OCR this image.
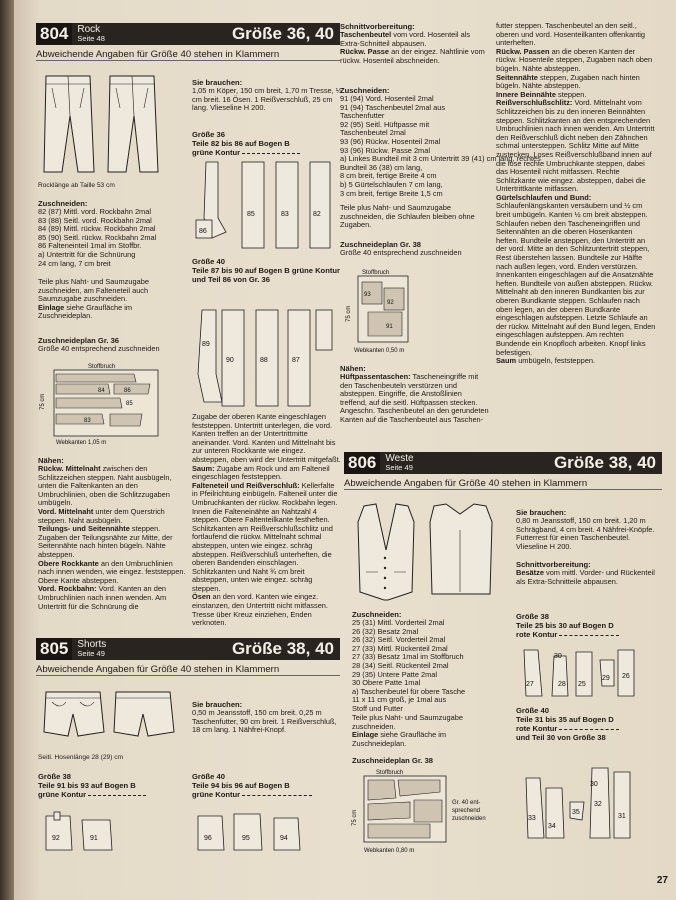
804 Rock
Seite 48	Größe 36, 40
Abweichende Angaben für Größe 40 stehen in Klammern
Rocklänge ab Taille 53 cm
Zuschneiden:
82 (87) Mittl. vord. Rockbahn 2mal
83 (88) Seitl. vord. Rockbahn 2mal
84 (89) Mittl. rückw. Rockbahn 2mal
85 (90) Seitl. rückw. Rockbahn 2mal
86 Falteneinteil 1mal im Stoffbr.
a) Untertritt für die Schnürung
24 cm lang, 7 cm breit
Teile plus Naht- und Saumzugabe zuschneiden, am Falteneteil auch Saumzugabe zuschneiden.
Einlage siehe Graufläche im Zuschneideplan.
Zuschneideplan Gr. 36
Größe 40 entsprechend zuschneiden
Stoffbruch
86
84
85
83
75 cm
Webkanten 1,05 m
Nähen:
Rückw. Mittelnaht zwischen den Schlitzzeichen steppen. Naht ausbügeln, unten die Faltenkanten an den Umbruchlinien, oben die Schlitzzugaben umbügeln.
Vord. Mittelnaht unter dem Querstrich steppen. Naht ausbügeln.
Teilungs- und Seitennähte steppen. Zugaben der Teilungsnähte zur Mitte, der Seitennähte nach hinten bügeln. Nähte absteppen.
Obere Rockkante an den Umbruchlinien nach innen wenden, wie eingez. feststeppen. Obere Kante absteppen.
Vord. Rockbahn: Vord. Kanten an den Umbruchlinien nach innen wenden. Am Untertritt für die Schnürung die
Sie brauchen:
1,05 m Köper, 150 cm breit, 1,70 m Tresse, ½ cm breit. 16 Ösen. 1 Reißverschluß, 25 cm lang. Vlieseline H 200.
Größe 36
Teile 82 bis 86 auf Bogen B
grüne Kontur
86
85	83	82
Größe 40
Teile 87 bis 90 auf Bogen B grüne Kontur
und Teil 86 von Gr. 36
89
90	88	87
Zugabe der oberen Kante eingeschlagen feststeppen. Untertritt unterlegen, die vord. Kanten treffen an der Untertrittmitte aneinander. Vord. Kanten und Mittelnaht bis zur unteren Rockkante wie eingez. absteppen, oben wird der Untertritt mitgefaßt.
Saum: Zugabe am Rock und am Falteneil eingeschlagen feststeppen.
Falteneteil und Reißverschluß: Kellerfalte in Pfeilrichtung einbügeln. Falteneil unter die Umbruchkanten der rückw. Rockbahn legen. Innen die Falteneinähte an Nahtzahl 4 steppen. Obere Faltenteilkante festheften. Schlitzkanten am Reißverschlußschlitz und fortlaufend die rückw. Mittelnaht schmal absteppen, unten wie eingez. schräg absteppen. Reißverschluß unterheften, die oberen Bandenden einschlagen. Schlitzkanten und Naht ¾ cm breit absteppen, unten wie eingez. schräg steppen.
Ösen an den vord. Kanten wie eingez. einstanzen, den Untertritt nicht mitfassen. Tresse über Kreuz einziehen, Enden verknoten.
805 Shorts
Seite 49	Größe 38, 40
Abweichende Angaben für Größe 40 stehen in Klammern
Seitl. Hosenlänge 28 (29) cm
Größe 38
Teile 91 bis 93 auf Bogen B
grüne Kontur
92	91
Sie brauchen:
0,50 m Jeansstoff, 150 cm breit. 0,25 m Taschenfutter, 90 cm breit. 1 Reißverschluß, 18 cm lang. 1 Nähfrei-Knopf.
Größe 40
Teile 94 bis 96 auf Bogen B
grüne Kontur
96	95	94
Schnittvorbereitung:
Taschenbeutel vom vord. Hosenteil als Extra-Schnitteil abpausen.
Rückw. Passe an der eingez. Nahtlinie vom rückw. Hosenteil abschneiden.
Zuschneiden:
91 (94) Vord. Hosenteil 2mal
91 (94) Taschenbeutel 2mal aus
Taschenfutter
92 (95) Seitl. Hüftpasse mit
Taschenbeutel 2mal
93 (96) Rückw. Hosenteil 2mal
93 (96) Rückw. Passe 2mal
a) Linkes Bundteil mit 3 cm Untertritt 39 (41) cm lang, rechtes
Bundteil 36 (38) cm lang,
8 cm breit, fertige Breite 4 cm
b) 5 Gürtelschlaufen 7 cm lang,
3 cm breit, fertige Breite 1,5 cm
Teile plus Naht- und Saumzugabe zuschneiden, die Schlaufen bleiben ohne Zugaben.
Zuschneideplan Gr. 38
Größe 40 entsprechend zuschneiden
Stoffbruch
93
92
91
75 cm
Webkanten 0,50 m
Nähen:
Hüftpassentaschen: Tascheneingriffe mit den Taschenbeuteln verstürzen und absteppen. Eingriffe, die Anstoßlinien treffend, auf die seitl. Hüftpassen stecken. Angeschn. Taschenbeutel an den gerundeten Kanten auf die Taschenbeutel aus Taschen-
futter steppen. Taschenbeutel an den seitl., oberen und vord. Hosenteilkanten offenkantig unterheften.
Rückw. Passen an die oberen Kanten der rückw. Hosenteile steppen, Zugaben nach oben bügeln. Nähte absteppen.
Seitennähte steppen, Zugaben nach hinten bügeln. Nähte absteppen.
Innere Beinnähte steppen.
Reißverschlußschlitz: Vord. Mittelnaht vom Schlitzzeichen bis zu den inneren Beinnähten steppen. Schlitzkanten an den entsprechenden Umbruchlinien nach innen wenden. Am Untertritt den Reißverschluß dicht neben den Zähnchen schmal untersteppen. Schlitz Mitte auf Mitte zustecken. Loses Reißverschlußband innen auf die lose rechte Umbruchkante steppen, dabei das Hosenteil nicht mitfassen. Rechte Schlitzkante wie eingez. absteppen, dabei die Untertrittkante mitfassen.
Gürtelschlaufen und Bund: Schlaufenlängskanten versäubern und ½ cm breit umbügeln. Kanten ½ cm breit absteppen. Schlaufen neben den Tascheneingriffen und Seitennähten an die oberen Hosenkanten heften. Bundteile ansteppen, den Untertritt an der vord. Mitte an den Schlitzuntertritt steppen, Rest überstehen lassen. Bundteile zur Hälfte nach außen legen, vord. Enden verstürzen. Innenkanten eingeschlagen auf die Ansatznähte heften. Bundteile von außen absteppen. Rückw. Mittelnaht ab den inneren Bundkanten bis zur oberen Bundkante steppen. Schlaufen nach oben legen, an der oberen Bundkante eingeschlagen aufsteppen. Letzte Schlaufe an der rückw. Mittelnaht auf den Bund legen, Enden eingeschlagen aufsteppen. Am rechten Bundende ein Knopfloch arbeiten. Knopf links befestigen.
Saum umbügeln, feststeppen.
806 Weste
Seite 49	Größe 38, 40
Abweichende Angaben für Größe 40 stehen in Klammern
Zuschneiden:
25 (31) Mittl. Vorderteil 2mal
26 (32) Besatz 2mal
26 (32) Seitl. Vorderteil 2mal
27 (33) Mittl. Rückenteil 2mal
27 (33) Besatz 1mal im Stoffbruch
28 (34) Seitl. Rückenteil 2mal
29 (35) Untere Patte 2mal
30 Obere Patte 1mal
a) Taschenbeutel für obere Tasche
11 x 11 cm groß, je 1mal aus
Stoff und Futter
Teile plus Naht- und Saumzugabe zuschneiden.
Einlage siehe Graufläche im Zuschneideplan.
Zuschneideplan Gr. 38
Stoffbruch
75 cm
Webkanten 0,80 m
Gr. 40 ent-
sprechend
zuschneiden
Sie brauchen:
0,80 m Jeansstoff, 150 cm breit. 1,20 m Schrägband, 4 cm breit. 4 Nähfrei-Knöpfe. Futterrest für einen Taschenbeutel. Vlieseline H 200.
Schnittvorbereitung:
Besätze vom mittl. Vorder- und Rückenteil als Extra-Schnitteile abpausen.
Größe 38
Teile 25 bis 30 auf Bogen D
rote Kontur
27
30
28 25
29 26
Größe 40
Teile 31 bis 35 auf Bogen D
rote Kontur
und Teil 30 von Größe 38
33
34
35
32
31
30
27
